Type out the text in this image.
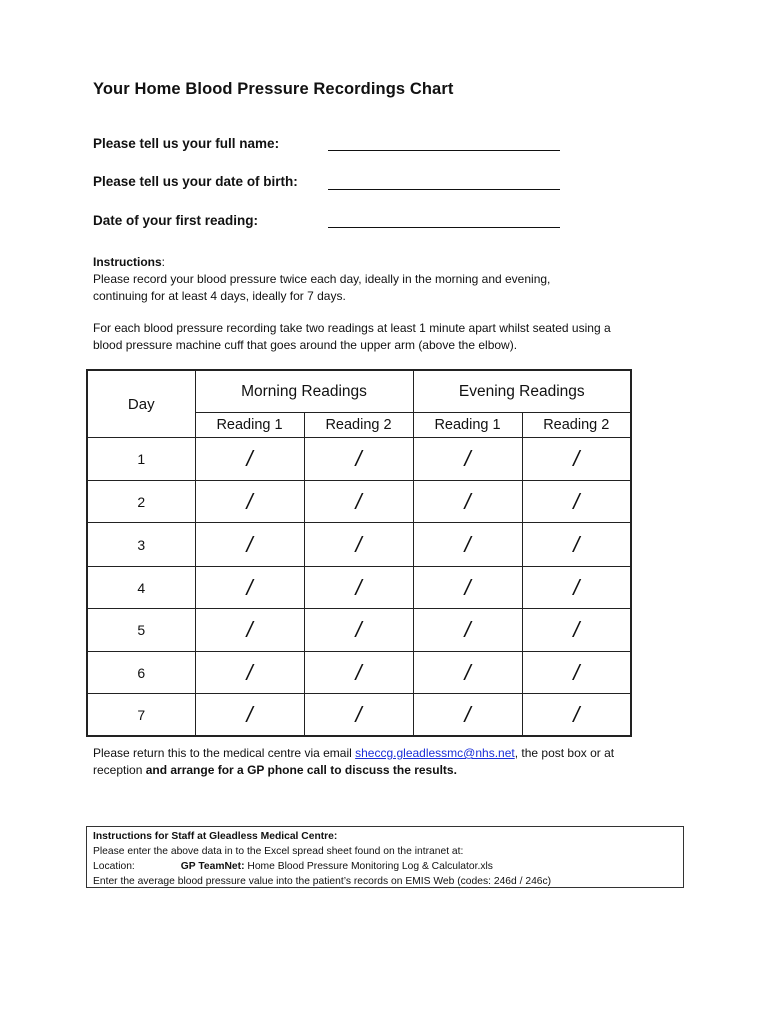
Your Home Blood Pressure Recordings Chart
Please tell us your full name:
Please tell us your date of birth:
Date of your first reading:
Instructions:
Please record your blood pressure twice each day, ideally in the morning and evening,
continuing for at least 4 days, ideally for 7 days.
For each blood pressure recording take two readings at least 1 minute apart whilst seated using a
blood pressure machine cuff that goes around the upper arm (above the elbow).
Day	Morning Readings		Evening Readings	
	Reading 1	Reading 2	Reading 1	Reading 2
1	/	/	/	/
2	/	/	/	/
3	/	/	/	/
4	/	/	/	/
5	/	/	/	/
6	/	/	/	/
7	/	/	/	/
Please return this to the medical centre via email sheccg.gleadlessmc@nhs.net, the post box or at
reception and arrange for a GP phone call to discuss the results.
Instructions for Staff at Gleadless Medical Centre:
Please enter the above data in to the Excel spread sheet found on the intranet at:
Location:	GP TeamNet: Home Blood Pressure Monitoring Log & Calculator.xls
Enter the average blood pressure value into the patient’s records on EMIS Web (codes: 246d / 246c)
